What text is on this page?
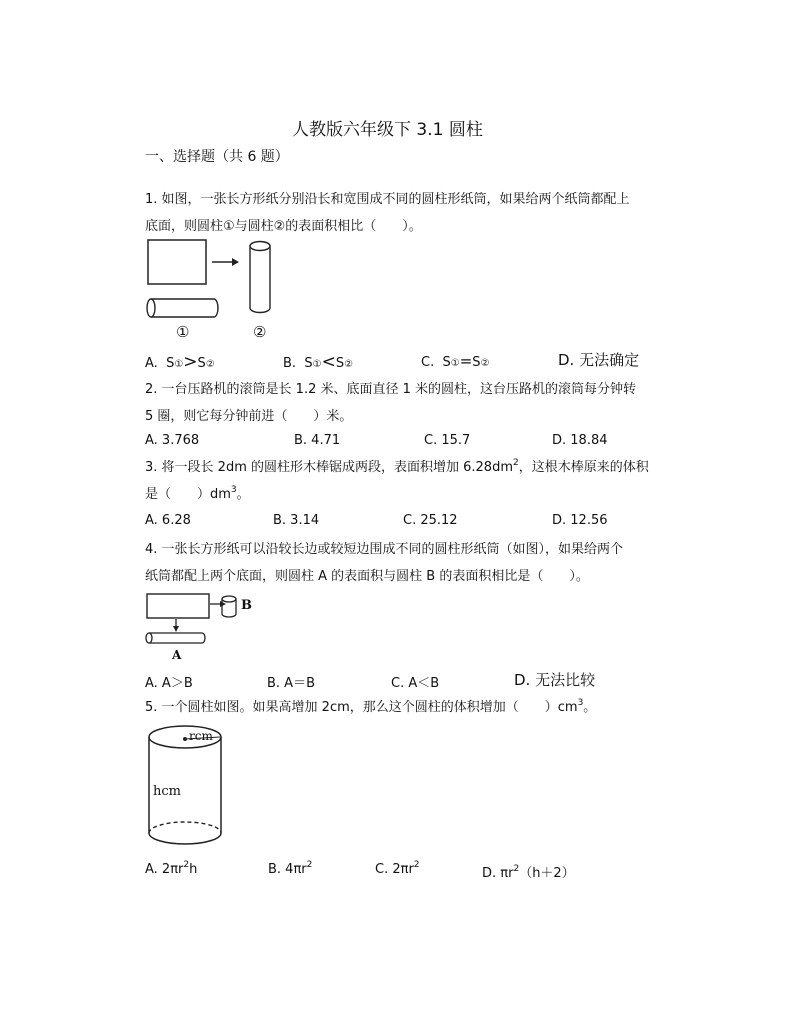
人教版六年级下 3.1 圆柱
一、选择题（共 6 题）
1. 如图，一张长方形纸分别沿长和宽围成不同的圆柱形纸筒，如果给两个纸筒都配上
底面，则圆柱①与圆柱②的表面积相比（　　）。
①	②
A. S①>S②	B. S①<S②	C. S①=S②	D. 无法确定
2. 一台压路机的滚筒是长 1.2 米、底面直径 1 米的圆柱，这台压路机的滚筒每分钟转
5 圈，则它每分钟前进（　　）米。
A. 3.768	B. 4.71	C. 15.7	D. 18.84
3. 将一段长 2dm 的圆柱形木棒锯成两段，表面积增加 $6.28dm^2$，这根木棒原来的体积
是（　　）$dm^3$。
A. 6.28	B. 3.14	C. 25.12	D. 12.56
4. 一张长方形纸可以沿较长边或较短边围成不同的圆柱形纸筒（如图），如果给两个
纸筒都配上两个底面，则圆柱 A 的表面积与圆柱 B 的表面积相比是（　　）。
B
A
A. A＞B	B. A＝B	C. A＜B	D. 无法比较
5. 一个圆柱如图。如果高增加 2cm，那么这个圆柱的体积增加（　　）$cm^3$。
rcm
hcm
A. $2\pi r^2h$	B. $4\pi r^2$	C. $2\pi r^2$
D. $\pi r^2(h+2)$
